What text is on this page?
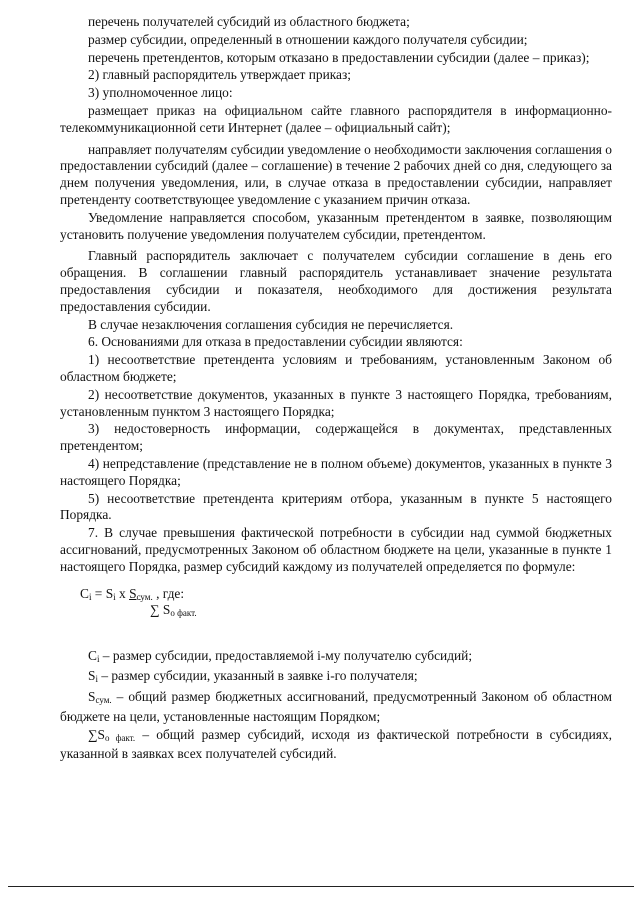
перечень получателей субсидий из областного бюджета;

размер субсидии, определенный в отношении каждого получателя субсидии;

перечень претендентов, которым отказано в предоставлении субсидии (далее – приказ);

2) главный распорядитель утверждает приказ;

3) уполномоченное лицо:

размещает приказ на официальном сайте главного распорядителя в информационно-телекоммуникационной сети Интернет (далее – официальный сайт);

направляет получателям субсидии уведомление о необходимости заключения соглашения о предоставлении субсидий (далее – соглашение) в течение 2 рабочих дней со дня, следующего за днем получения уведомления, или, в случае отказа в предоставлении субсидии, направляет претенденту соответствующее уведомление с указанием причин отказа.

Уведомление направляется способом, указанным претендентом в заявке, позволяющим установить получение уведомления получателем субсидии, претендентом.

Главный распорядитель заключает с получателем субсидии соглашение в день его обращения. В соглашении главный распорядитель устанавливает значение результата предоставления субсидии и показателя, необходимого для достижения результата предоставления субсидии.

В случае незаключения соглашения субсидия не перечисляется.

6. Основаниями для отказа в предоставлении субсидии являются:

1) несоответствие претендента условиям и требованиям, установленным Законом об областном бюджете;

2) несоответствие документов, указанных в пункте 3 настоящего Порядка, требованиям, установленным пунктом 3 настоящего Порядка;

3) недостоверность информации, содержащейся в документах, представленных претендентом;

4) непредставление (представление не в полном объеме) документов, указанных в пункте 3 настоящего Порядка;

5) несоответствие претендента критериям отбора, указанным в пункте 5 настоящего Порядка.

7. В случае превышения фактической потребности в субсидии над суммой бюджетных ассигнований, предусмотренных Законом об областном бюджете на цели, указанные в пункте 1 настоящего Порядка, размер субсидий каждому из получателей определяется по формуле:

$C_i = S_i$ x $S_{сум.}$ , где:
∑ $S_{о факт.}$

$C_i$ – размер субсидии, предоставляемой i-му получателю субсидий;

$S_i$ – размер субсидии, указанный в заявке i-го получателя;

$S_{сум.}$ – общий размер бюджетных ассигнований, предусмотренный Законом об областном бюджете на цели, установленные настоящим Порядком;

$\sum S_{о факт.}$ – общий размер субсидий, исходя из фактической потребности в субсидиях, указанной в заявках всех получателей субсидий.
